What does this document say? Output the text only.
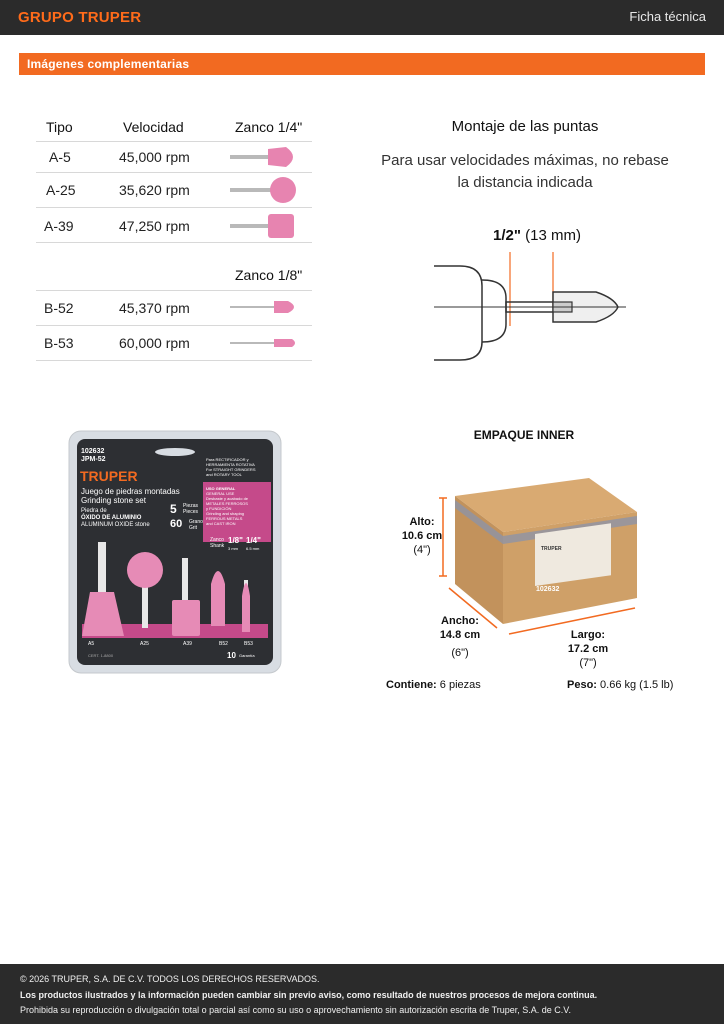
GRUPO TRUPER	Ficha técnica
Imágenes complementarias
Tipo	Velocidad	Zanco 1/4"
A-5	45,000 rpm
A-25	35,620 rpm
A-39	47,250 rpm
Zanco 1/8"
B-52	45,370 rpm
B-53	60,000 rpm
Montaje de las puntas
Para usar velocidades máximas, no rebase
la distancia indicada
1/2" (13 mm)
102632
JPM-52
TRUPER
Juego de piedras montadas
Grinding stone set
Piedra de
ÓXIDO DE ALUMINIO
ALUMINUM OXIDE stone
5 Piezas
Pieces
60 Grano
Grit
Para RECTIFICADOR y
HERRAMIENTA ROTATIVA
For STRAIGHT GRINDERS
and ROTARY TOOL
USO GENERAL
GENERAL USE
Desbaste y acabado de
METALES FERROSOS
y FUNDICIÓN
Grinding and shaping
FERROUS METALS
and CAST IRON
Zanco
Shank
1/8"
3 mm
1/4"
6.5 mm
A5	A25	A39	B52	B53
CERT. 1-8800	10 Garantía
EMPAQUE INNER
TRUPER
102632
Alto:
10.6 cm
(4")
Ancho:
14.8 cm
(6")
Largo:
17.2 cm
(7")
Contiene: 6 piezas	Peso: 0.66 kg (1.5 lb)
© 2026 TRUPER, S.A. DE C.V. TODOS LOS DERECHOS RESERVADOS.
Los productos ilustrados y la información pueden cambiar sin previo aviso, como resultado de nuestros procesos de mejora continua.
Prohibida su reproducción o divulgación total o parcial así como su uso o aprovechamiento sin autorización escrita de Truper, S.A. de C.V.
